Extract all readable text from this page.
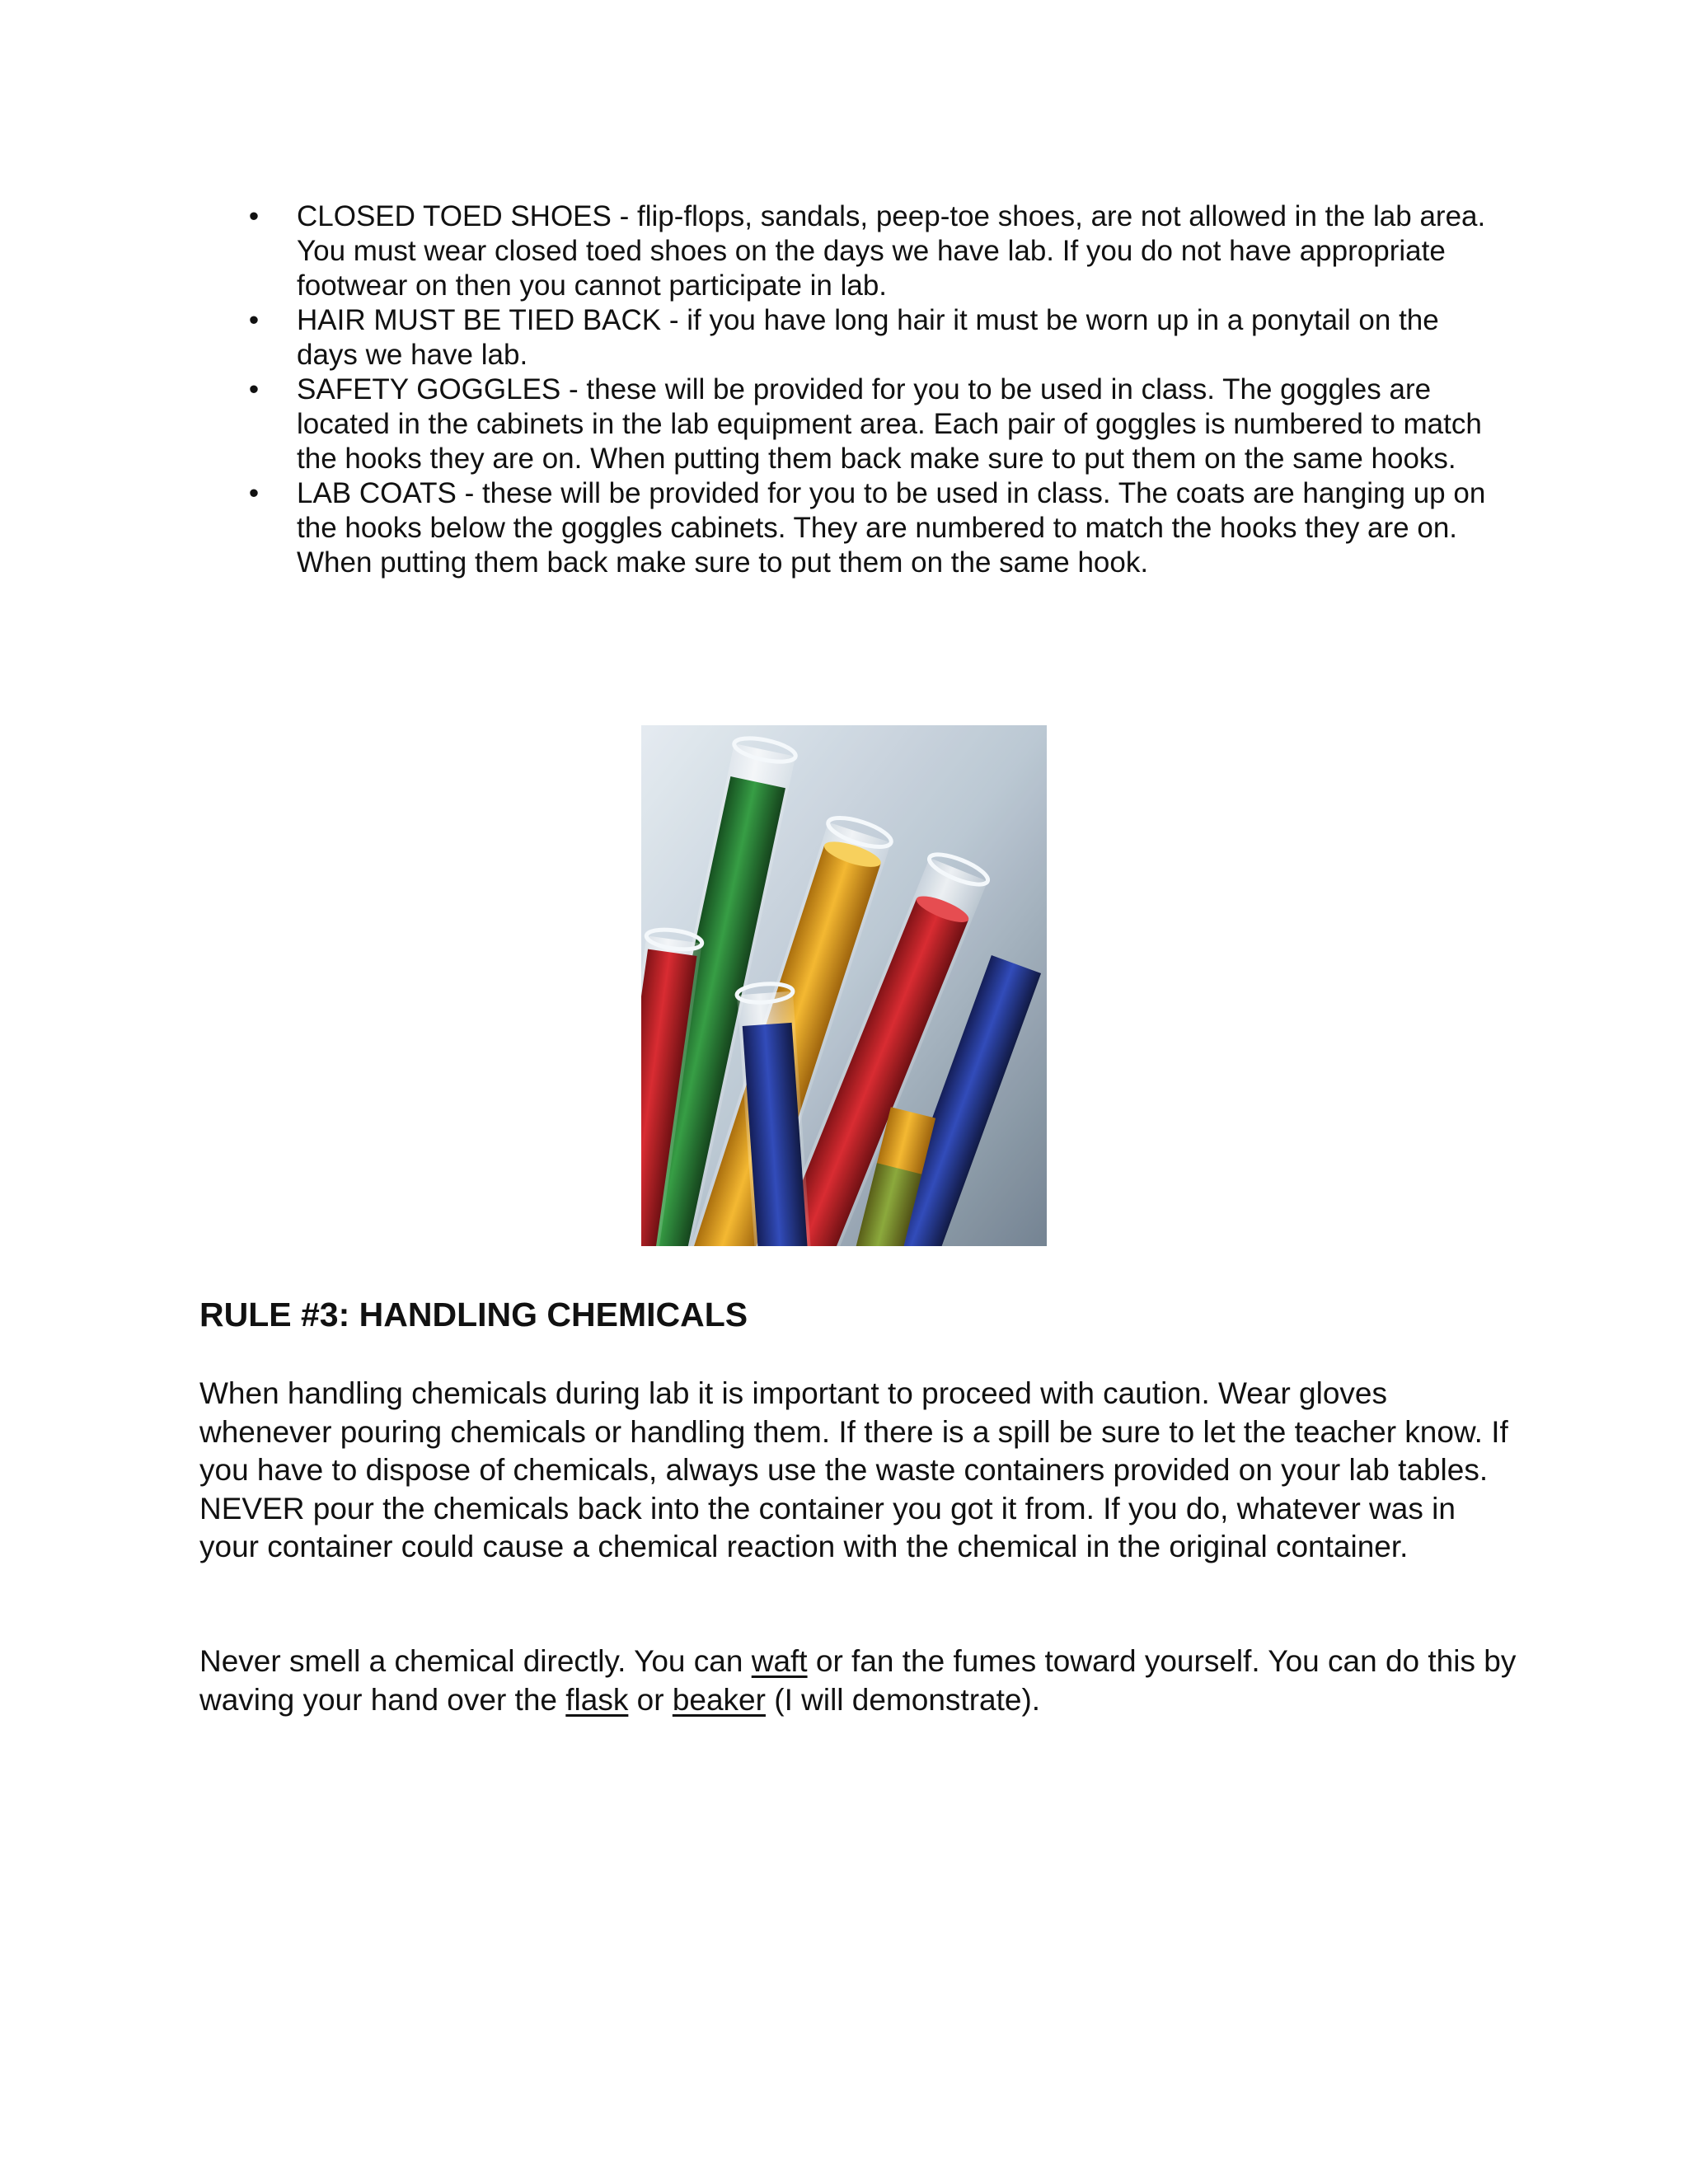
• CLOSED TOED SHOES - flip-flops, sandals, peep-toe shoes, are not allowed in the lab area. You must wear closed toed shoes on the days we have lab. If you do not have appropriate footwear on then you cannot participate in lab.
• HAIR MUST BE TIED BACK - if you have long hair it must be worn up in a ponytail on the days we have lab.
• SAFETY GOGGLES - these will be provided for you to be used in class. The goggles are located in the cabinets in the lab equipment area. Each pair of goggles is numbered to match the hooks they are on. When putting them back make sure to put them on the same hooks.
• LAB COATS - these will be provided for you to be used in class. The coats are hanging up on the hooks below the goggles cabinets. They are numbered to match the hooks they are on. When putting them back make sure to put them on the same hook.
RULE #3: HANDLING CHEMICALS

When handling chemicals during lab it is important to proceed with caution. Wear gloves whenever pouring chemicals or handling them. If there is a spill be sure to let the teacher know. If you have to dispose of chemicals, always use the waste containers provided on your lab tables. NEVER pour the chemicals back into the container you got it from. If you do, whatever was in your container could cause a chemical reaction with the chemical in the original container.

Never smell a chemical directly. You can waft or fan the fumes toward yourself. You can do this by waving your hand over the flask or beaker (I will demonstrate).
